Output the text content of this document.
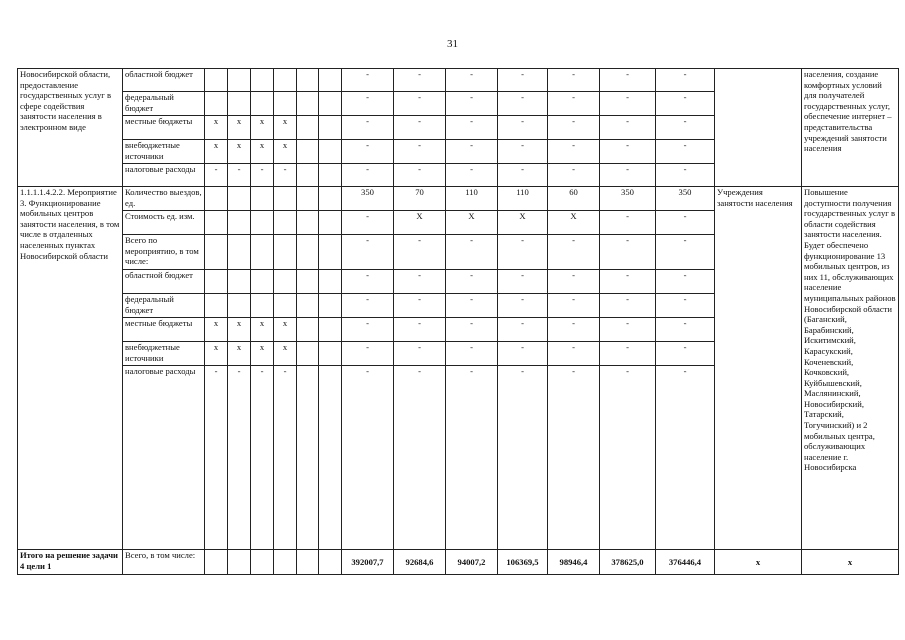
31
Новосибирской области, предоставление государственных услуг в сфере содействия занятости населения в электронном виде	областной бюджет							-	-	-	-	-	-	-		населения, создание комфортных условий для получателей государственных услуг, обеспечение интернет – представительства учреждений занятости населения
	федеральный бюджет							-	-	-	-	-	-	-		
	местные бюджеты	x	x	x	x			-	-	-	-	-	-	-		
	внебюджетные источники	x	x	x	x			-	-	-	-	-	-	-		
	налоговые расходы	-	-	-	-			-	-	-	-	-	-	-		
1.1.1.1.4.2.2. Мероприятие 3. Функционирование мобильных центров занятости населения, в том числе в отдаленных населенных пунктах Новосибирской области	Количество выездов, ед.							350	70	110	110	60	350	350	Учреждения занятости населения	Повышение доступности получения государственных услуг в области содействия занятости населения. Будет обеспечено функционирование 13 мобильных центров, из них 11, обслуживающих население муниципальных районов Новосибирской области (Баганский, Барабинский, Искитимский, Карасукский, Коченевский, Кочковский, Куйбышевский, Маслянинский, Новосибирский, Татарский, Тогучинский) и 2 мобильных центра, обслуживающих население г. Новосибирска
	Стоимость ед. изм.							-	X	X	X	X	-	-		
	Всего по мероприятию, в том числе:							-	-	-	-	-	-	-		
	областной бюджет							-	-	-	-	-	-	-		
	федеральный бюджет							-	-	-	-	-	-	-		
	местные бюджеты	x	x	x	x			-	-	-	-	-	-	-		
	внебюджетные источники	x	x	x	x			-	-	-	-	-	-	-		
	налоговые расходы	-	-	-	-			-	-	-	-	-	-	-		
Итого на решение задачи 4 цели 1	Всего, в том числе:							392007,7	92684,6	94007,2	106369,5	98946,4	378625,0	376446,4	x	x
